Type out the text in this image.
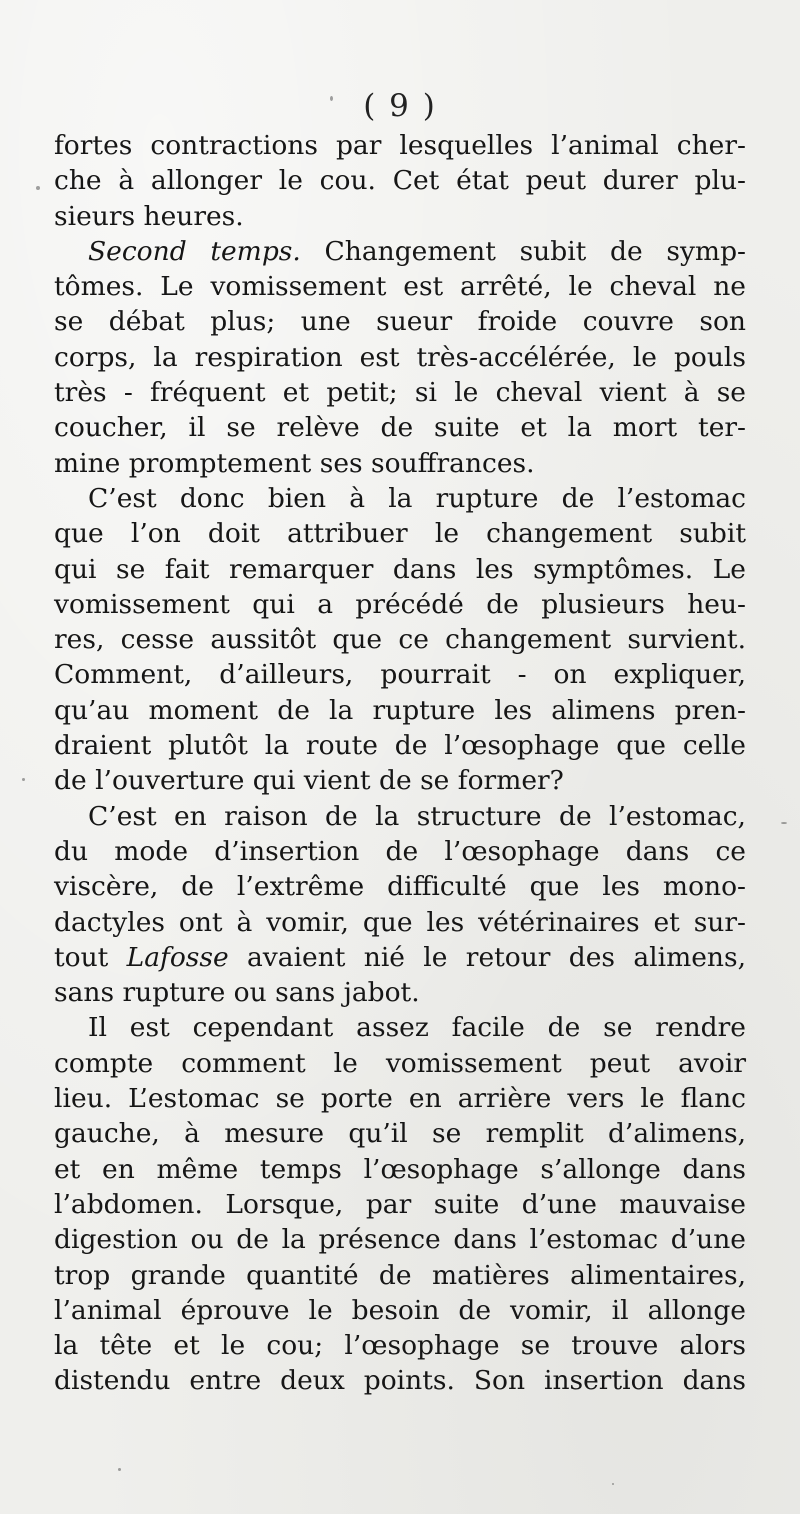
( 9 )
fortes contractions par lesquelles l’animal cher-
che à allonger le cou. Cet état peut durer plu-
sieurs heures.
Second temps. Changement subit de symp-
tômes. Le vomissement est arrêté, le cheval ne
se débat plus; une sueur froide couvre son
corps, la respiration est très-accélérée, le pouls
très - fréquent et petit; si le cheval vient à se
coucher, il se relève de suite et la mort ter-
mine promptement ses souffrances.
C’est donc bien à la rupture de l’estomac
que l’on doit attribuer le changement subit
qui se fait remarquer dans les symptômes. Le
vomissement qui a précédé de plusieurs heu-
res, cesse aussitôt que ce changement survient.
Comment, d’ailleurs, pourrait - on expliquer,
qu’au moment de la rupture les alimens pren-
draient plutôt la route de l’œsophage que celle
de l’ouverture qui vient de se former?
C’est en raison de la structure de l’estomac,
du mode d’insertion de l’œsophage dans ce
viscère, de l’extrême difficulté que les mono-
dactyles ont à vomir, que les vétérinaires et sur-
tout Lafosse avaient nié le retour des alimens,
sans rupture ou sans jabot.
Il est cependant assez facile de se rendre
compte comment le vomissement peut avoir
lieu. L’estomac se porte en arrière vers le flanc
gauche, à mesure qu’il se remplit d’alimens,
et en même temps l’œsophage s’allonge dans
l’abdomen. Lorsque, par suite d’une mauvaise
digestion ou de la présence dans l’estomac d’une
trop grande quantité de matières alimentaires,
l’animal éprouve le besoin de vomir, il allonge
la tête et le cou; l’œsophage se trouve alors
distendu entre deux points. Son insertion dans
